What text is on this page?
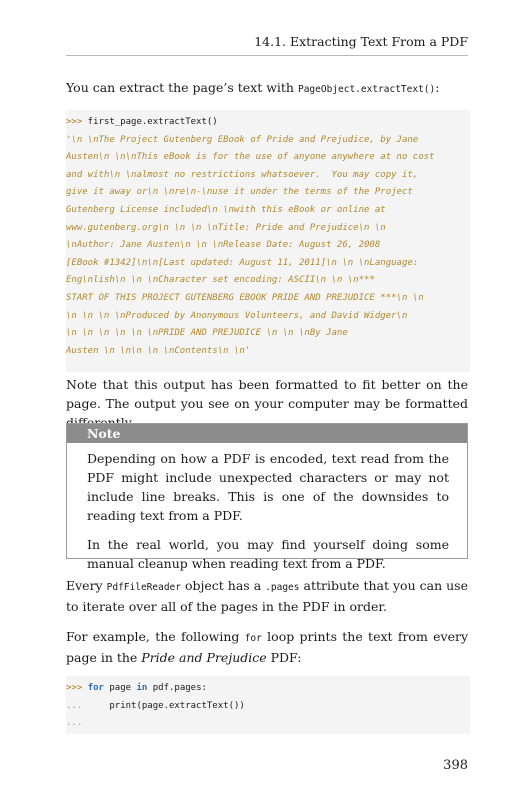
14.1. Extracting Text From a PDF
You can extract the page’s text with PageObject.extractText():
>>> first_page.extractText()
'\n \nThe Project Gutenberg EBook of Pride and Prejudice, by Jane
Austen\n \n\nThis eBook is for the use of anyone anywhere at no cost
and with\n \nalmost no restrictions whatsoever.  You may copy it,
give it away or\n \nre\n-\nuse it under the terms of the Project
Gutenberg License included\n \nwith this eBook or online at
www.gutenberg.org\n \n \n \nTitle: Pride and Prejudice\n \n
\nAuthor: Jane Austen\n \n \nRelease Date: August 26, 2008
[EBook #1342]\n\n[Last updated: August 11, 2011]\n \n \nLanguage:
Eng\nlish\n \n \nCharacter set encoding: ASCII\n \n \n***
START OF THIS PROJECT GUTENBERG EBOOK PRIDE AND PREJUDICE ***\n \n
\n \n \n \nProduced by Anonymous Volunteers, and David Widger\n
\n \n \n \n \n \nPRIDE AND PREJUDICE \n \n \nBy Jane
Austen \n \n\n \n \nContents\n \n'
Note that this output has been formatted to fit better on the page. The output you see on your computer may be formatted
Note

Depending on how a PDF is encoded, text read from the PDF might include unexpected characters or may not include line breaks. This is one of the downsides to reading text from a PDF.

In the real world, you may find yourself doing some manual cleanup when reading text from a PDF.

Every PdfFileReader object has a .pages attribute that you can use to iterate over all of the pages in the PDF in order.
For example, the following for loop prints the text from every page in the Pride and Prejudice PDF:
>>> for page in pdf.pages:
...     print(page.extractText())
...
398
